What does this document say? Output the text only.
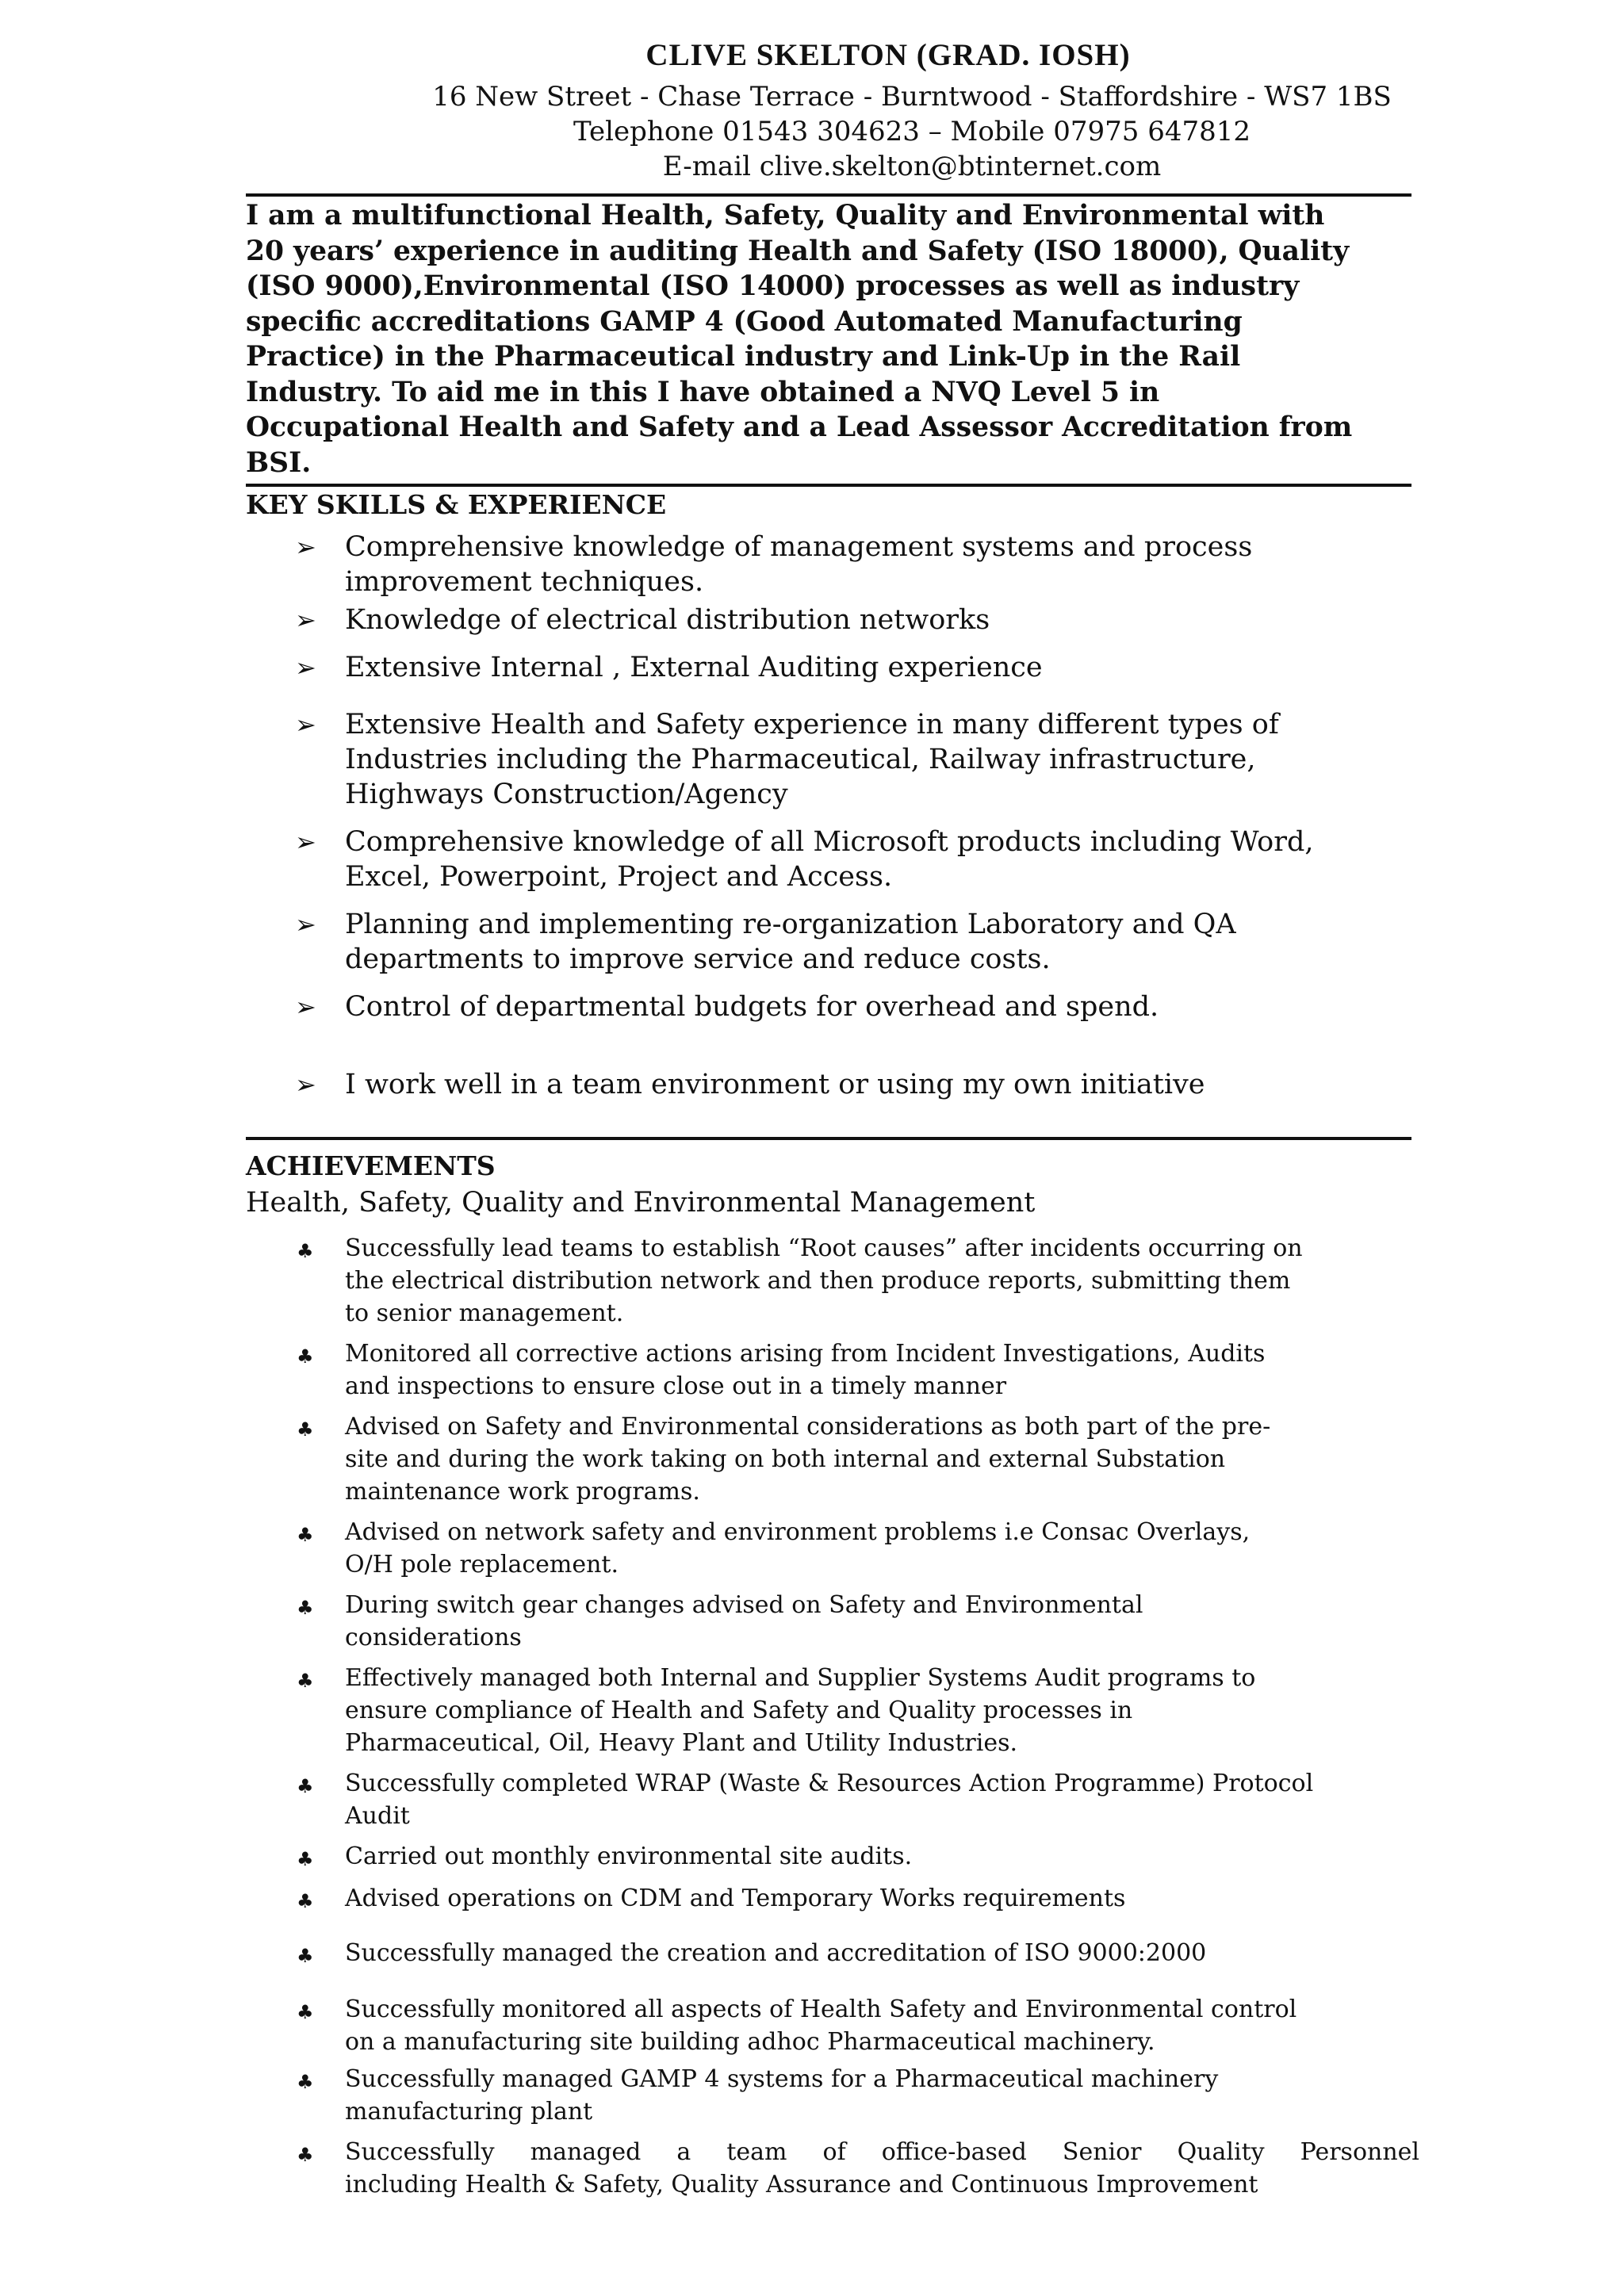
CLIVE SKELTON (GRAD. IOSH)
16 New Street - Chase Terrace - Burntwood - Staffordshire - WS7 1BS
Telephone 01543 304623 – Mobile 07975 647812
E-mail clive.skelton@btinternet.com
I am a multifunctional Health, Safety, Quality and Environmental with
20 years’ experience in auditing Health and Safety (ISO 18000), Quality
(ISO 9000),Environmental (ISO 14000) processes as well as industry
specific accreditations GAMP 4 (Good Automated Manufacturing
Practice) in the Pharmaceutical industry and Link-Up in the Rail
Industry. To aid me in this I have obtained a NVQ Level 5 in
Occupational Health and Safety and a Lead Assessor Accreditation from
BSI.
KEY SKILLS & EXPERIENCE
➢ Comprehensive knowledge of management systems and process
improvement techniques.
➢ Knowledge of electrical distribution networks
➢ Extensive Internal , External Auditing experience
➢ Extensive Health and Safety experience in many different types of
Industries including the Pharmaceutical, Railway infrastructure,
Highways Construction/Agency
➢ Comprehensive knowledge of all Microsoft products including Word,
Excel, Powerpoint, Project and Access.
➢ Planning and implementing re-organization Laboratory and QA
departments to improve service and reduce costs.
➢ Control of departmental budgets for overhead and spend.
➢ I work well in a team environment or using my own initiative
ACHIEVEMENTS
Health, Safety, Quality and Environmental Management
♣ Successfully lead teams to establish “Root causes” after incidents occurring on
the electrical distribution network and then produce reports, submitting them
to senior management.
♣ Monitored all corrective actions arising from Incident Investigations, Audits
and inspections to ensure close out in a timely manner
♣ Advised on Safety and Environmental considerations as both part of the pre-
site and during the work taking on both internal and external Substation
maintenance work programs.
♣ Advised on network safety and environment problems i.e Consac Overlays,
O/H pole replacement.
♣ During switch gear changes advised on Safety and Environmental
considerations
♣ Effectively managed both Internal and Supplier Systems Audit programs to
ensure compliance of Health and Safety and Quality processes in
Pharmaceutical, Oil, Heavy Plant and Utility Industries.
♣ Successfully completed WRAP (Waste & Resources Action Programme) Protocol
Audit
♣ Carried out monthly environmental site audits.
♣ Advised operations on CDM and Temporary Works requirements
♣ Successfully managed the creation and accreditation of ISO 9000:2000
♣ Successfully monitored all aspects of Health Safety and Environmental control
on a manufacturing site building adhoc Pharmaceutical machinery.
♣ Successfully managed GAMP 4 systems for a Pharmaceutical machinery
manufacturing plant
♣ Successfully managed a team of office-based Senior Quality Personnel
including Health & Safety, Quality Assurance and Continuous Improvement
